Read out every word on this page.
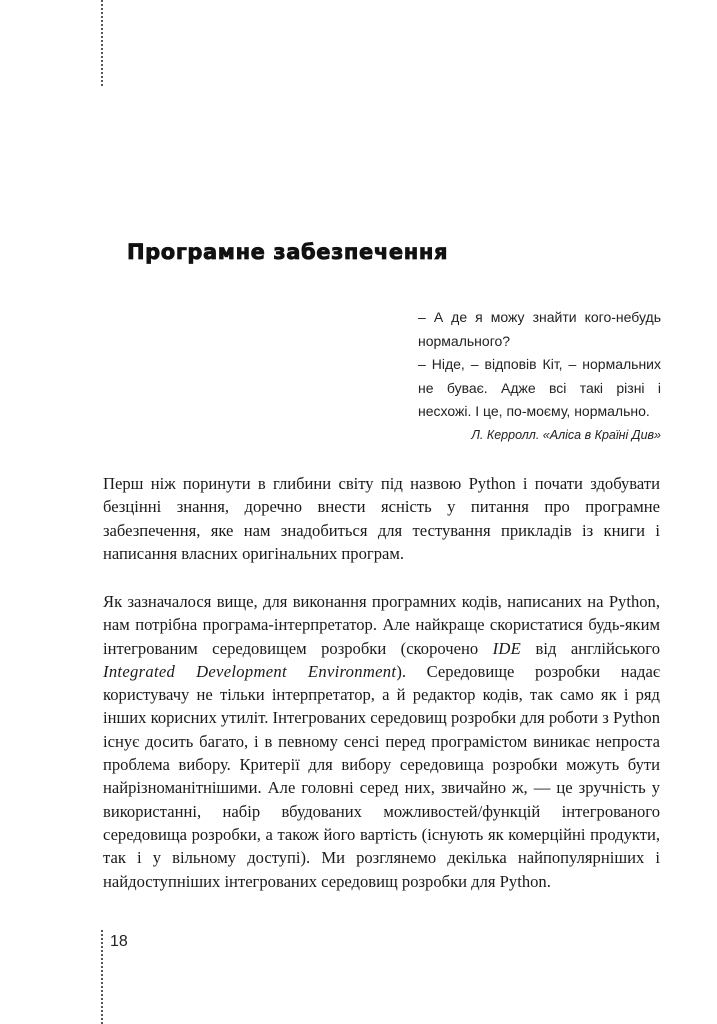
Програмне забезпечення

– А де я можу знайти кого-небудь нормального?

– Ніде, – відповів Кіт, – нормальних не буває. Адже всі такі різні і несхожі. І це, по-моєму, нормально.

Л. Керролл. «Аліса в Країні Див»

Перш ніж поринути в глибини світу під назвою Python і почати здобувати безцінні знання, доречно внести ясність у питання про програмне забезпечення, яке нам знадобиться для тестування прикладів із книги і написання власних оригінальних програм.

Як зазначалося вище, для виконання програмних кодів, написаних на Python, нам потрібна програма-інтерпретатор. Але найкраще скористатися будь-яким інтегрованим середовищем розробки (скорочено IDE від англійського Integrated Development Environment). Середовище розробки надає користувачу не тільки інтерпретатор, а й редактор кодів, так само як і ряд інших корисних утиліт. Інтегрованих середовищ розробки для роботи з Python існує досить багато, і в певному сенсі перед програмістом виникає непроста проблема вибору. Критерії для вибору середовища розробки можуть бути найрізноманітнішими. Але головні серед них, звичайно ж, — це зручність у використанні, набір вбудованих можливостей/функцій інтегрованого середовища розробки, а також його вартість (існують як комерційні продукти, так і у вільному доступі). Ми розглянемо декілька найпопулярніших і найдоступніших інтегрованих середовищ розробки для Python.

18
